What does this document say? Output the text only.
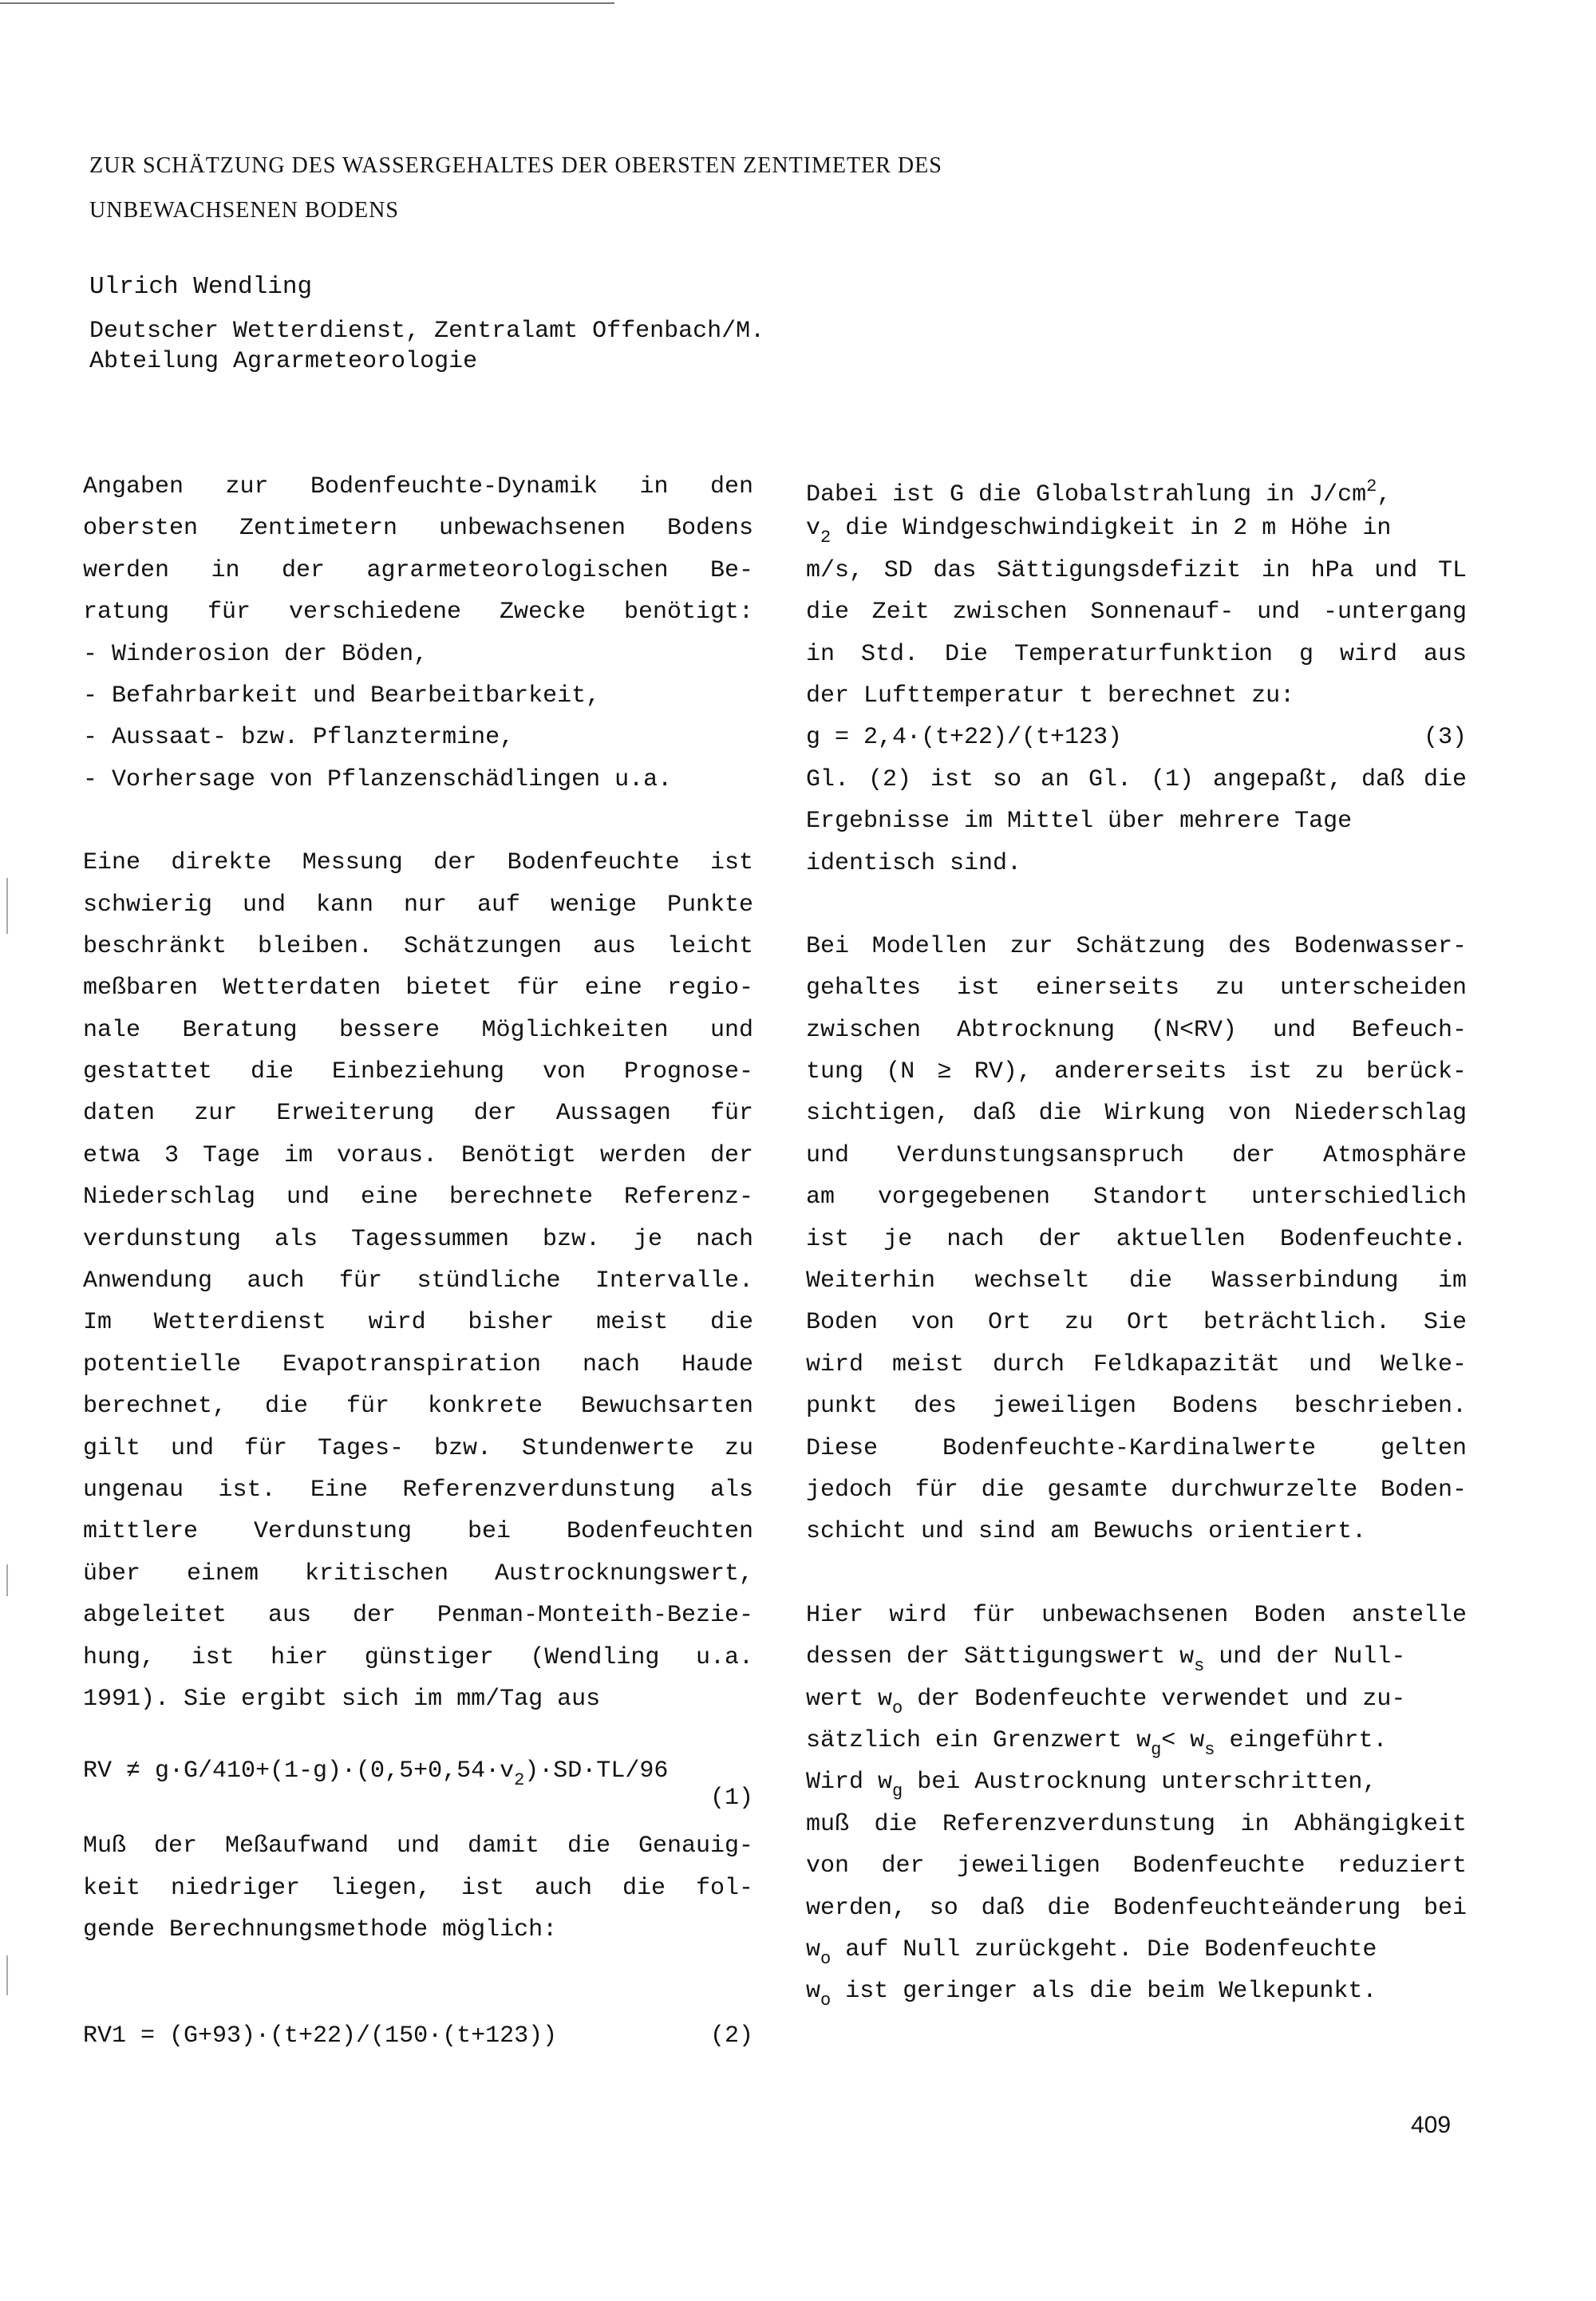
ZUR SCHÄTZUNG DES WASSERGEHALTES DER OBERSTEN ZENTIMETER DES
UNBEWACHSENEN BODENS
Ulrich Wendling
Deutscher Wetterdienst, Zentralamt Offenbach/M.
Abteilung Agrarmeteorologie
Angaben zur Bodenfeuchte-Dynamik in den
obersten Zentimetern unbewachsenen Bodens
werden in der agrarmeteorologischen Be-
ratung für verschiedene Zwecke benötigt:
- Winderosion der Böden,
- Befahrbarkeit und Bearbeitbarkeit,
- Aussaat- bzw. Pflanztermine,
- Vorhersage von Pflanzenschädlingen u.a.
Eine direkte Messung der Bodenfeuchte ist
schwierig und kann nur auf wenige Punkte
beschränkt bleiben. Schätzungen aus leicht
meßbaren Wetterdaten bietet für eine regio-
nale Beratung bessere Möglichkeiten und
gestattet die Einbeziehung von Prognose-
daten zur Erweiterung der Aussagen für
etwa 3 Tage im voraus. Benötigt werden der
Niederschlag und eine berechnete Referenz-
verdunstung als Tagessummen bzw. je nach
Anwendung auch für stündliche Intervalle.
Im Wetterdienst wird bisher meist die
potentielle Evapotranspiration nach Haude
berechnet, die für konkrete Bewuchsarten
gilt und für Tages- bzw. Stundenwerte zu
ungenau ist. Eine Referenzverdunstung als
mittlere Verdunstung bei Bodenfeuchten
über einem kritischen Austrocknungswert,
abgeleitet aus der Penman-Monteith-Bezie-
hung, ist hier günstiger (Wendling u.a.
1991). Sie ergibt sich im mm/Tag aus
RV ≠ $g\cdot G/410+(1-g)\cdot(0,5+0,54\cdot v_2)\cdot SD\cdot TL/96$
(1)
Muß der Meßaufwand und damit die Genauig-
keit niedriger liegen, ist auch die fol-
gende Berechnungsmethode möglich:
RV1 = (G+93)·(t+22)/(150·(t+123))	(2)
Dabei ist G die Globalstrahlung in $J/cm^2$,
$v_2$ die Windgeschwindigkeit in 2 m Höhe in
m/s, SD das Sättigungsdefizit in hPa und TL
die Zeit zwischen Sonnenauf- und -untergang
in Std. Die Temperaturfunktion g wird aus
der Lufttemperatur t berechnet zu:
g = 2,4·(t+22)/(t+123)	(3)
Gl. (2) ist so an Gl. (1) angepaßt, daß die
Ergebnisse im Mittel über mehrere Tage
identisch sind.
Bei Modellen zur Schätzung des Bodenwasser-
gehaltes ist einerseits zu unterscheiden
zwischen Abtrocknung (N<RV) und Befeuch-
tung (N ≥ RV), andererseits ist zu berück-
sichtigen, daß die Wirkung von Niederschlag
und Verdunstungsanspruch der Atmosphäre
am vorgegebenen Standort unterschiedlich
ist je nach der aktuellen Bodenfeuchte.
Weiterhin wechselt die Wasserbindung im
Boden von Ort zu Ort beträchtlich. Sie
wird meist durch Feldkapazität und Welke-
punkt des jeweiligen Bodens beschrieben.
Diese Bodenfeuchte-Kardinalwerte gelten
jedoch für die gesamte durchwurzelte Boden-
schicht und sind am Bewuchs orientiert.
Hier wird für unbewachsenen Boden anstelle
dessen der Sättigungswert $w_s$ und der Null-
wert $w_o$ der Bodenfeuchte verwendet und zu-
sätzlich ein Grenzwert $w_g< w_s$ eingeführt.
Wird $w_g$ bei Austrocknung unterschritten,
muß die Referenzverdunstung in Abhängigkeit
von der jeweiligen Bodenfeuchte reduziert
werden, so daß die Bodenfeuchteänderung bei
$w_o$ auf Null zurückgeht. Die Bodenfeuchte
$w_o$ ist geringer als die beim Welkepunkt.
409
